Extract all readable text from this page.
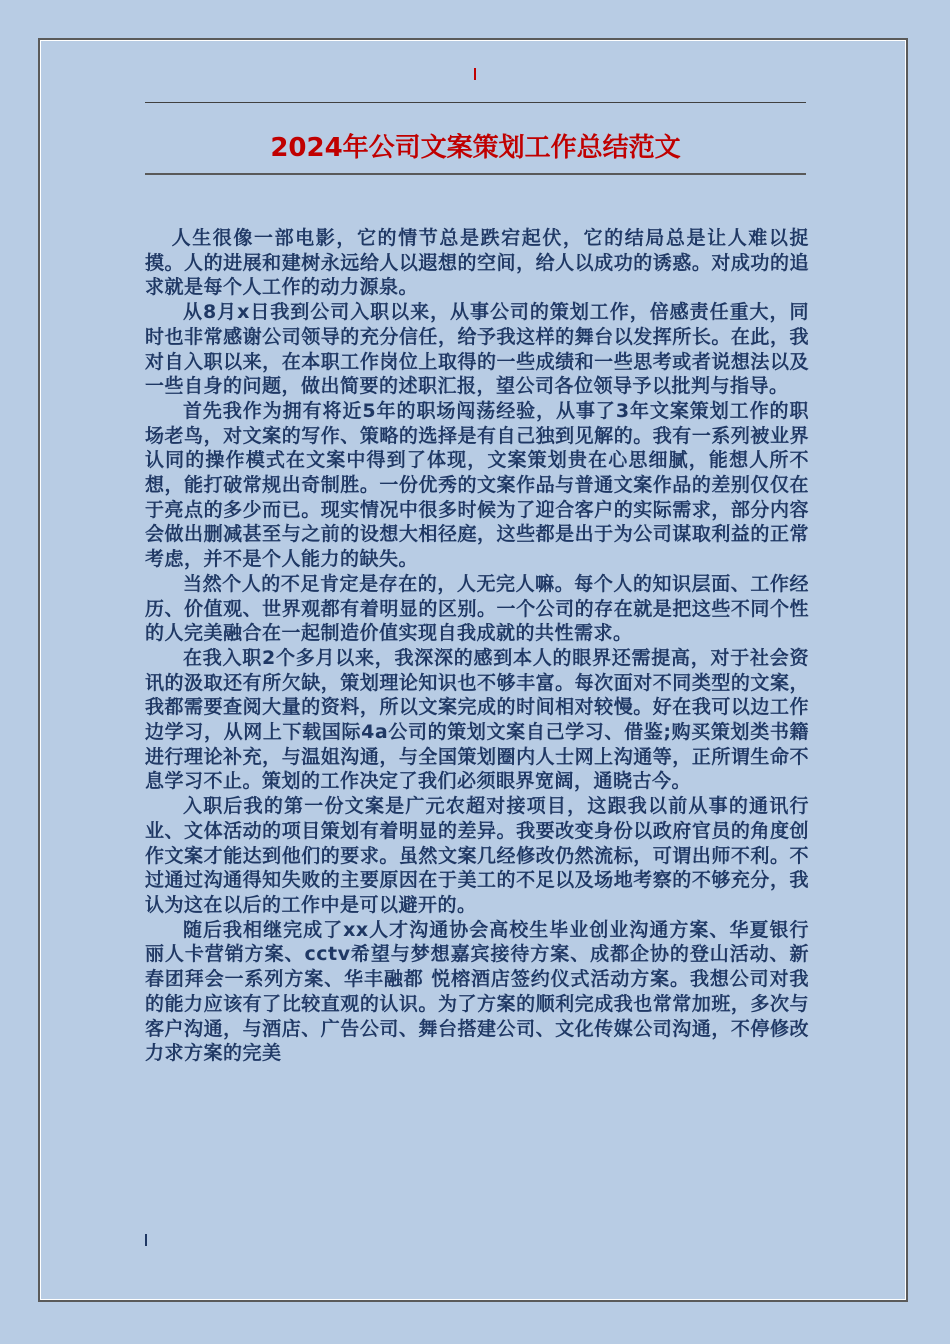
2024年公司文案策划工作总结范文

人生很像一部电影，它的情节总是跌宕起伏，它的结局总是让人难以捉摸。人的进展和建树永远给人以遐想的空间，给人以成功的诱惑。对成功的追求就是每个人工作的动力源泉。

从8月x日我到公司入职以来，从事公司的策划工作，倍感责任重大，同时也非常感谢公司领导的充分信任，给予我这样的舞台以发挥所长。在此，我对自入职以来，在本职工作岗位上取得的一些成绩和一些思考或者说想法以及一些自身的问题，做出简要的述职汇报，望公司各位领导予以批判与指导。

首先我作为拥有将近5年的职场闯荡经验，从事了3年文案策划工作的职场老鸟，对文案的写作、策略的选择是有自己独到见解的。我有一系列被业界认同的操作模式在文案中得到了体现，文案策划贵在心思细腻，能想人所不想，能打破常规出奇制胜。一份优秀的文案作品与普通文案作品的差别仅仅在于亮点的多少而已。现实情况中很多时候为了迎合客户的实际需求，部分内容会做出删减甚至与之前的设想大相径庭，这些都是出于为公司谋取利益的正常考虑，并不是个人能力的缺失。

当然个人的不足肯定是存在的，人无完人嘛。每个人的知识层面、工作经历、价值观、世界观都有着明显的区别。一个公司的存在就是把这些不同个性的人完美融合在一起制造价值实现自我成就的共性需求。

在我入职2个多月以来，我深深的感到本人的眼界还需提高，对于社会资讯的汲取还有所欠缺，策划理论知识也不够丰富。每次面对不同类型的文案，我都需要查阅大量的资料，所以文案完成的时间相对较慢。好在我可以边工作边学习，从网上下载国际4a公司的策划文案自己学习、借鉴;购买策划类书籍进行理论补充，与温姐沟通，与全国策划圈内人士网上沟通等，正所谓生命不息学习不止。策划的工作决定了我们必须眼界宽阔，通晓古今。

入职后我的第一份文案是广元农超对接项目，这跟我以前从事的通讯行业、文体活动的项目策划有着明显的差异。我要改变身份以政府官员的角度创作文案才能达到他们的要求。虽然文案几经修改仍然流标，可谓出师不利。不过通过沟通得知失败的主要原因在于美工的不足以及场地考察的不够充分，我认为这在以后的工作中是可以避开的。

随后我相继完成了xx人才沟通协会高校生毕业创业沟通方案、华夏银行丽人卡营销方案、cctv希望与梦想嘉宾接待方案、成都企协的登山活动、新春团拜会一系列方案、华丰融都 悦榕酒店签约仪式活动方案。我想公司对我的能力应该有了比较直观的认识。为了方案的顺利完成我也常常加班，多次与客户沟通，与酒店、广告公司、舞台搭建公司、文化传媒公司沟通，不停修改力求方案的完美
